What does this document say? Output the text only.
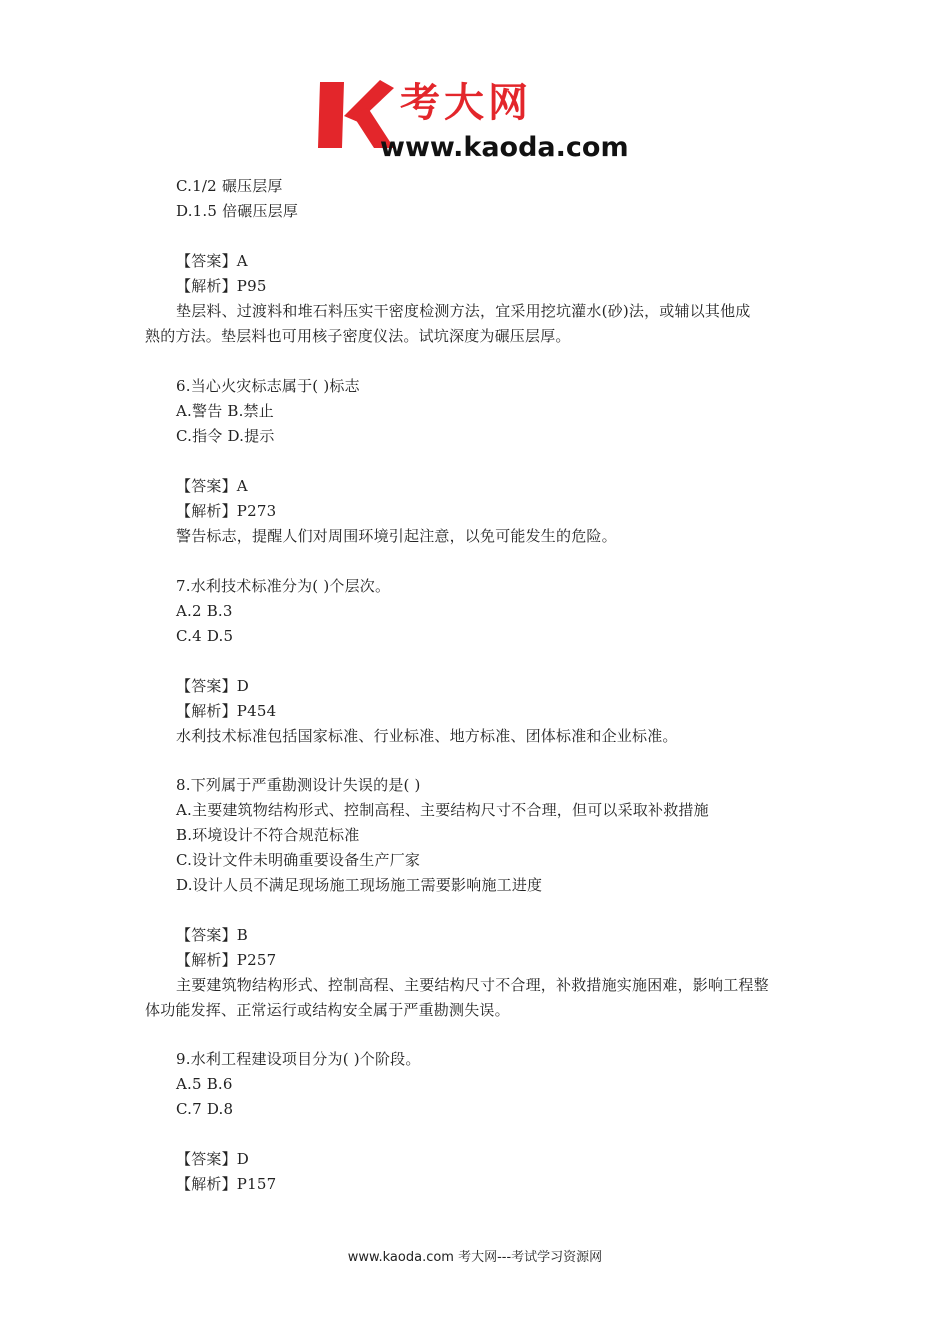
考大网
www.kaoda.com
C.1/2 碾压层厚
D.1.5 倍碾压层厚
【答案】A
【解析】P95
垫层料、过渡料和堆石料压实干密度检测方法，宜采用挖坑灌水(砂)法，或辅以其他成
熟的方法。垫层料也可用核子密度仪法。试坑深度为碾压层厚。
6.当心火灾标志属于( )标志
A.警告 B.禁止
C.指令 D.提示
【答案】A
【解析】P273
警告标志，提醒人们对周围环境引起注意，以免可能发生的危险。
7.水利技术标准分为( )个层次。
A.2 B.3
C.4 D.5
【答案】D
【解析】P454
水利技术标准包括国家标准、行业标准、地方标准、团体标准和企业标准。
8.下列属于严重勘测设计失误的是( )
A.主要建筑物结构形式、控制高程、主要结构尺寸不合理，但可以采取补救措施
B.环境设计不符合规范标准
C.设计文件未明确重要设备生产厂家
D.设计人员不满足现场施工现场施工需要影响施工进度
【答案】B
【解析】P257
主要建筑物结构形式、控制高程、主要结构尺寸不合理，补救措施实施困难，影响工程整
体功能发挥、正常运行或结构安全属于严重勘测失误。
9.水利工程建设项目分为( )个阶段。
A.5 B.6
C.7 D.8
【答案】D
【解析】P157
www.kaoda.com 考大网---考试学习资源网
